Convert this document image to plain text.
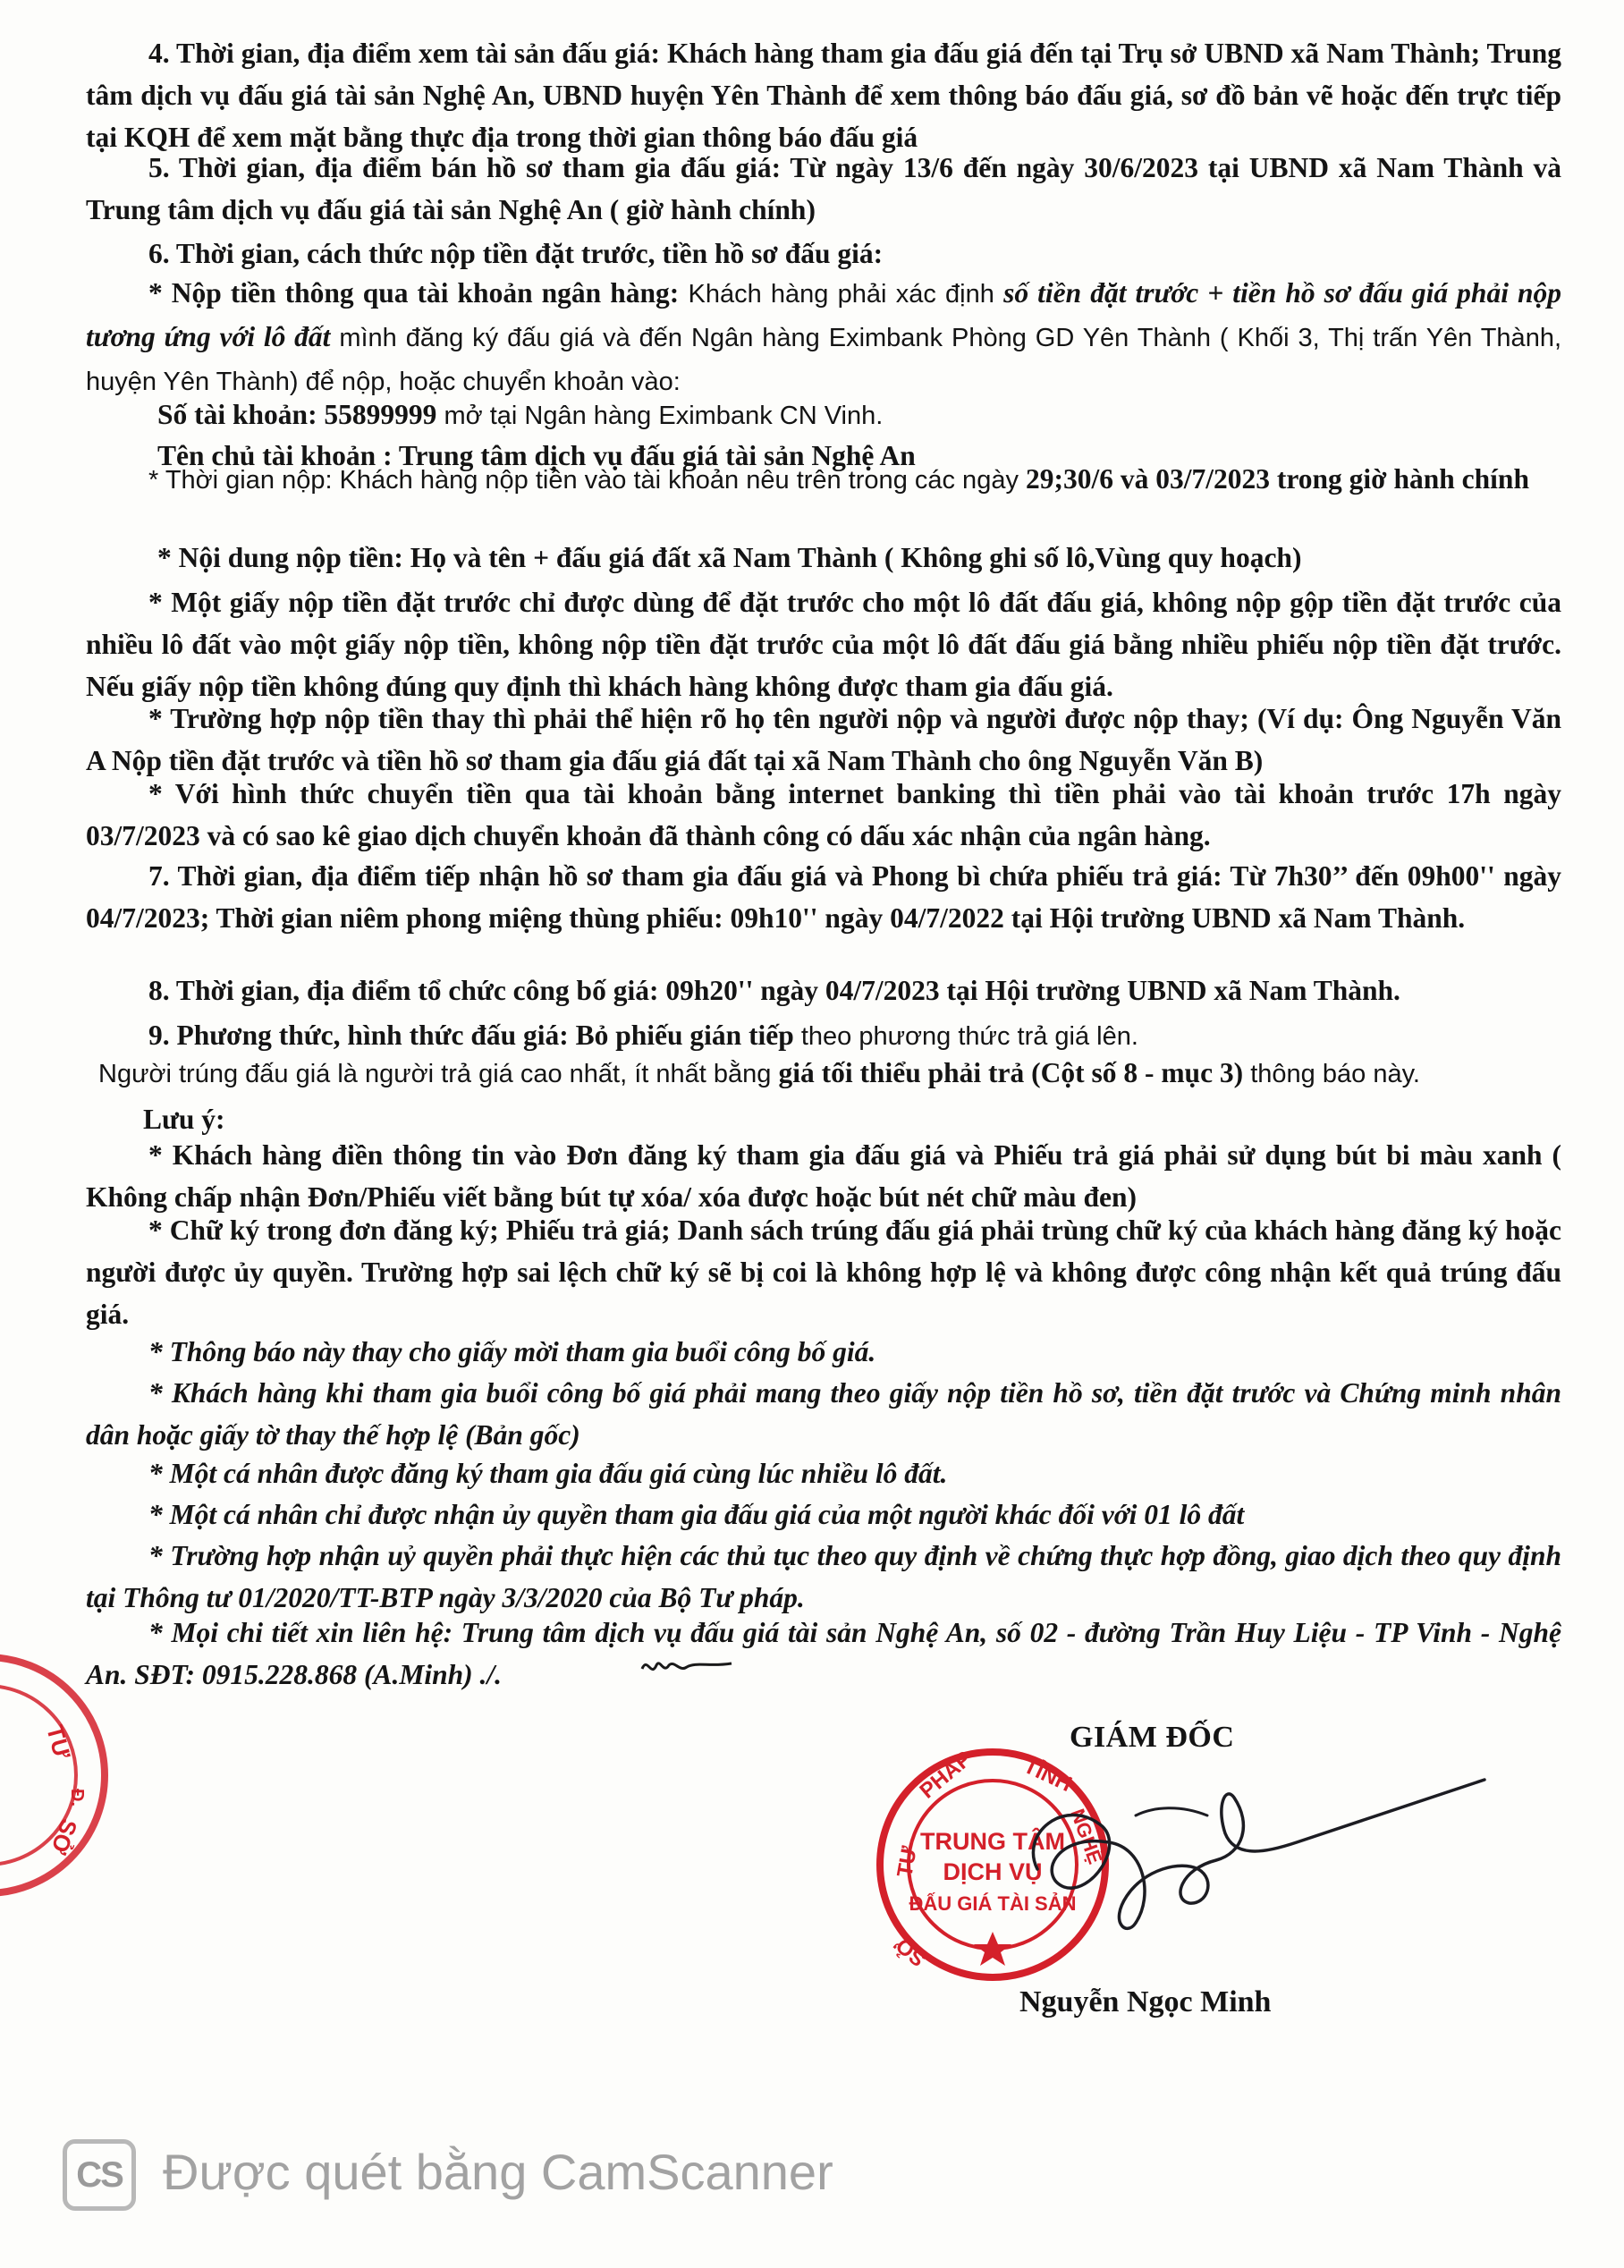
4. Thời gian, địa điểm xem tài sản đấu giá: Khách hàng tham gia đấu giá đến tại Trụ sở UBND xã Nam Thành; Trung tâm dịch vụ đấu giá tài sản Nghệ An, UBND huyện Yên Thành để xem thông báo đấu giá, sơ đồ bản vẽ hoặc đến trực tiếp tại KQH để xem mặt bằng thực địa trong thời gian thông báo đấu giá

5. Thời gian, địa điểm bán hồ sơ tham gia đấu giá: Từ ngày 13/6 đến ngày 30/6/2023 tại UBND xã Nam Thành và Trung tâm dịch vụ đấu giá tài sản Nghệ An ( giờ hành chính)

6. Thời gian, cách thức nộp tiền đặt trước, tiền hồ sơ đấu giá:

* Nộp tiền thông qua tài khoản ngân hàng: Khách hàng phải xác định số tiền đặt trước + tiền hồ sơ đấu giá phải nộp tương ứng với lô đất mình đăng ký đấu giá và đến Ngân hàng Eximbank Phòng GD Yên Thành ( Khối 3, Thị trấn Yên Thành, huyện Yên Thành) để nộp, hoặc chuyển khoản vào:

Số tài khoản: 55899999 mở tại Ngân hàng Eximbank CN Vinh.

Tên chủ tài khoản : Trung tâm dịch vụ đấu giá tài sản Nghệ An

* Thời gian nộp: Khách hàng nộp tiền vào tài khoản nêu trên trong các ngày 29;30/6 và 03/7/2023 trong giờ hành chính

* Nội dung nộp tiền: Họ và tên + đấu giá đất xã Nam Thành ( Không ghi số lô,Vùng quy hoạch)

* Một giấy nộp tiền đặt trước chỉ được dùng để đặt trước cho một lô đất đấu giá, không nộp gộp tiền đặt trước của nhiều lô đất vào một giấy nộp tiền, không nộp tiền đặt trước của một lô đất đấu giá bằng nhiều phiếu nộp tiền đặt trước. Nếu giấy nộp tiền không đúng quy định thì khách hàng không được tham gia đấu giá.

* Trường hợp nộp tiền thay thì phải thể hiện rõ họ tên người nộp và người được nộp thay; (Ví dụ: Ông Nguyễn Văn A Nộp tiền đặt trước và tiền hồ sơ tham gia đấu giá đất tại xã Nam Thành cho ông Nguyễn Văn B)

* Với hình thức chuyển tiền qua tài khoản bằng internet banking thì tiền phải vào tài khoản trước 17h ngày 03/7/2023 và có sao kê giao dịch chuyển khoản đã thành công có dấu xác nhận của ngân hàng.

7. Thời gian, địa điểm tiếp nhận hồ sơ tham gia đấu giá và Phong bì chứa phiếu trả giá: Từ 7h30’’ đến 09h00'' ngày 04/7/2023; Thời gian niêm phong miệng thùng phiếu: 09h10'' ngày 04/7/2022 tại Hội trường UBND xã Nam Thành.

8. Thời gian, địa điểm tổ chức công bố giá: 09h20'' ngày 04/7/2023 tại Hội trường UBND xã Nam Thành.

9. Phương thức, hình thức đấu giá: Bỏ phiếu gián tiếp theo phương thức trả giá lên.

Người trúng đấu giá là người trả giá cao nhất, ít nhất bằng giá tối thiểu phải trả (Cột số 8 - mục 3) thông báo này.

Lưu ý:

* Khách hàng điền thông tin vào Đơn đăng ký tham gia đấu giá và Phiếu trả giá phải sử dụng bút bi màu xanh ( Không chấp nhận Đơn/Phiếu viết bằng bút tự xóa/ xóa được hoặc bút nét chữ màu đen)

* Chữ ký trong đơn đăng ký; Phiếu trả giá; Danh sách trúng đấu giá phải trùng chữ ký của khách hàng đăng ký hoặc người được ủy quyền. Trường hợp sai lệch chữ ký sẽ bị coi là không hợp lệ và không được công nhận kết quả trúng đấu giá.

* Thông báo này thay cho giấy mời tham gia buổi công bố giá.

* Khách hàng khi tham gia buổi công bố giá phải mang theo giấy nộp tiền hồ sơ, tiền đặt trước và Chứng minh nhân dân hoặc giấy tờ thay thế hợp lệ (Bản gốc)

* Một cá nhân được đăng ký tham gia đấu giá cùng lúc nhiều lô đất.

* Một cá nhân chỉ được nhận ủy quyền tham gia đấu giá của một người khác đối với 01 lô đất

* Trường hợp nhận uỷ quyền phải thực hiện các thủ tục theo quy định về chứng thực hợp đồng, giao dịch theo quy định tại Thông tư 01/2020/TT-BTP ngày 3/3/2020 của Bộ Tư pháp.

* Mọi chi tiết xin liên hệ: Trung tâm dịch vụ đấu giá tài sản Nghệ An, số 02 - đường Trần Huy Liệu - TP Vinh - Nghệ An. SĐT: 0915.228.868 (A.Minh) ./.

TƯ
SỞ
Đ.
GIÁM ĐỐC
TƯ
PHÁP TỈNH
NGHỆ
SỞ
TRUNG TÂM
DỊCH VỤ
ĐẤU GIÁ TÀI SẢN
Nguyễn Ngọc Minh
CS Được quét bằng CamScanner
